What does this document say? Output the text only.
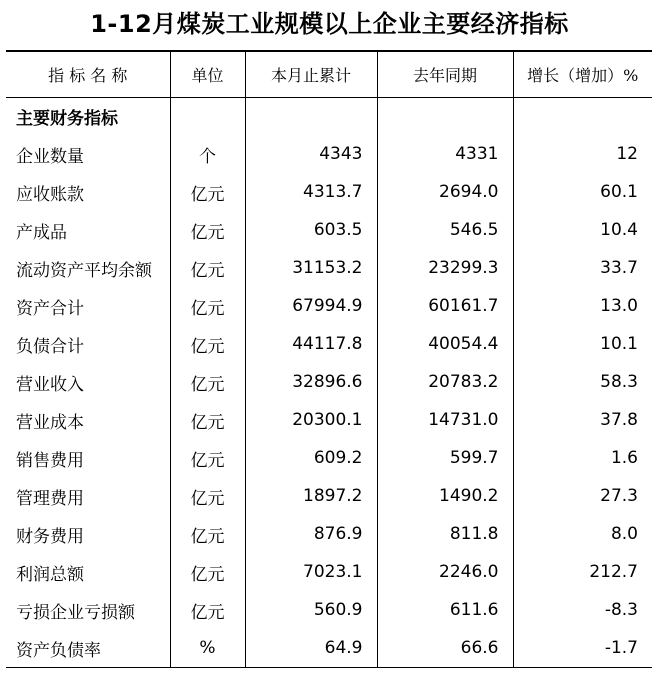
1-12月煤炭工业规模以上企业主要经济指标
指 标 名 称	单位	本月止累计	去年同期	增长（增加）%
主要财务指标				
企业数量	个	4343	4331	12
应收账款	亿元	4313.7	2694.0	60.1
产成品	亿元	603.5	546.5	10.4
流动资产平均余额	亿元	31153.2	23299.3	33.7
资产合计	亿元	67994.9	60161.7	13.0
负债合计	亿元	44117.8	40054.4	10.1
营业收入	亿元	32896.6	20783.2	58.3
营业成本	亿元	20300.1	14731.0	37.8
销售费用	亿元	609.2	599.7	1.6
管理费用	亿元	1897.2	1490.2	27.3
财务费用	亿元	876.9	811.8	8.0
利润总额	亿元	7023.1	2246.0	212.7
亏损企业亏损额	亿元	560.9	611.6	-8.3
资产负债率	%	64.9	66.6	-1.7
